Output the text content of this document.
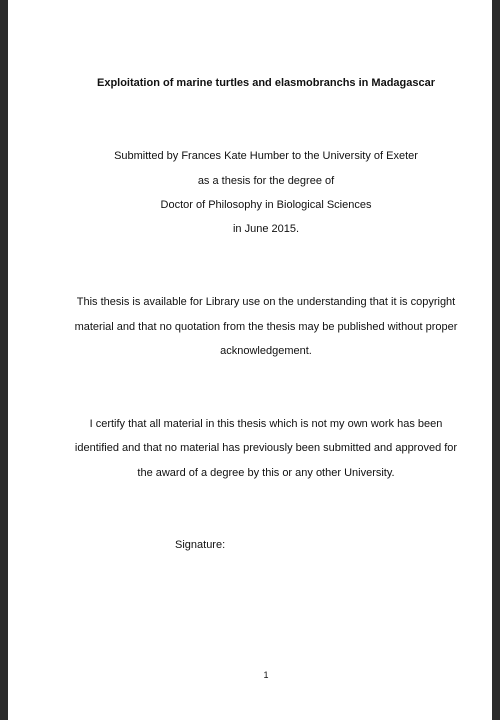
Exploitation of marine turtles and elasmobranchs in Madagascar
Submitted by Frances Kate Humber to the University of Exeter
as a thesis for the degree of
Doctor of Philosophy in Biological Sciences
in June 2015.
This thesis is available for Library use on the understanding that it is copyright
material and that no quotation from the thesis may be published without proper
acknowledgement.
I certify that all material in this thesis which is not my own work has been
identified and that no material has previously been submitted and approved for
the award of a degree by this or any other University.
Signature:
1
